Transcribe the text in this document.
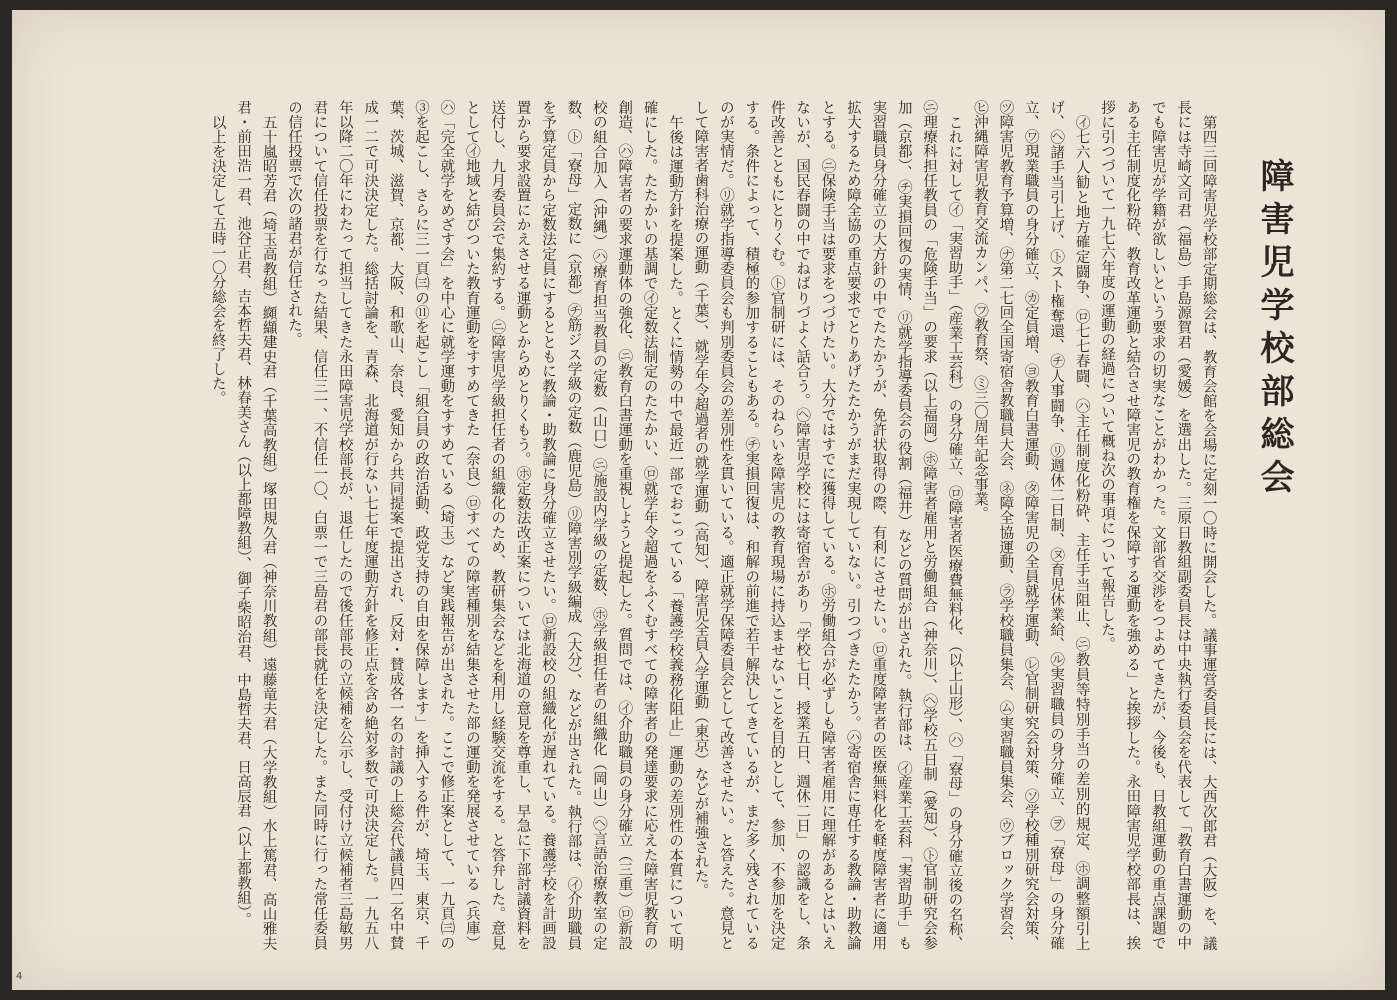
障害児学校部総会

第四三回障害児学校部定期総会は、教育会館を会場に定刻一〇時に開会した。議事運営委員長には、大西次郎君（大阪）を、議長には寺崎文司君（福島）手島源賀君（愛媛）を選出した。三原日教組副委員長は中央執行委員会を代表して「教育白書運動の中でも障害児が学籍が欲しいという要求の切実なことがわかった。文部省交渉をつよめてきたが、今後も、日教組運動の重点課題である主任制度化粉砕、教育改革運動と結合させ障害児の教育権を保障する運動を強める」と挨拶した。永田障害児学校部長は、挨拶に引つづいて一九七六年度の運動の経過について概ね次の事項について報告した。

㋑七六人勧と地方確定闘争、㋺七七春闘、㋩主任制度化粉砕、主任手当阻止、㋥教員等特別手当の差別的規定、㋭調整額引上げ、㋬諸手当引上げ、㋣スト権奪還、㋠人事闘争、㋷週休二日制、㋦育児休業給、㋸実習職員の身分確立、㋾「寮母」の身分確立、㋻現業職員の身分確立、㋕定員増、㋵教育白書運動、㋟障害児の全員就学運動、㋹官制研究会対策、㋞学校種別研究会対策、㋡障害児教育予算増、㋤第二七回全国寄宿舎教職員大会、㋧障全協運動、㋶学校職員集会、㋰実習職員集会、㋒ブロック学習会、㋪沖縄障害児教育交流カンパ、㋫教育祭、㋯三〇周年記念事業。

これに対して㋑「実習助手」（産業工芸科）の身分確立、㋺障害者医療費無料化、（以上山形）、㋩「寮母」の身分確立後の名称、㋥理療科担任教員の「危険手当」の要求（以上福岡）㋭障害者雇用と労働組合（神奈川）、㋬学校五日制（愛知）、㋣官制研究会参加（京都）、㋠実損回復の実情、㋷就学指導委員会の役割（福井）などの質問が出された。執行部は、㋑産業工芸科「実習助手」も実習職員身分確立の大方針の中でたたかうが、免許状取得の際、有利にさせたい。㋺重度障害者の医療無料化を軽度障害者に適用拡大するため障全協の重点要求でとりあげたたかうがまだ実現していない。引つづきたたかう。㋩寄宿舎に専任する教論・助教論とする。㋥保険手当は要求をつづけたい。大分ではすでに獲得している。㋭労働組合が必ずしも障害者雇用に理解があるとはいえないが、国民春闘の中でねばりづよく話合う。㋬障害児学校には寄宿舎があり「学校七日、授業五日、週休二日」の認識をし、条件改善とともにとりくむ。㋣官制研には、そのねらいを障害児の教育現場に持込ませないことを目的として、参加、不参加を決定する。条件によって、積極的参加することもある。㋠実損回復は、和解の前進で若干解決してきているが、まだ多く残されているのが実情だ。㋷就学指導委員会も判別委員会の差別性を貫いている。適正就学保障委員会として改善させたい。と答えた。意見として障害者歯科治療の運動（千葉）、就学年令超過者の就学運動（高知）、障害児全員入学運動（東京）などが補強された。

午後は運動方針を提案した。とくに情勢の中で最近一部でおこっている「養護学校義務化阻止」運動の差別性の本質について明確にした。たたかいの基調で㋑定数法制定のたたかい、㋺就学年令超過をふくむすべての障害者の発達要求に応えた障害児教育の創造、㋩障害者の要求運動体の強化、㋥教育白書運動を重視しようと提起した。質問では、㋑介助職員の身分確立（三重）㋺新設校の組合加入（沖縄）㋩療育担当教員の定数（山口）㋥施設内学級の定数、㋭学級担任者の組織化（岡山）㋬言語治療教室の定数、㋣「寮母」定数に（京都）㋠筋ジス学級の定数（鹿児島）㋷障害別学級編成（大分）、などが出された。執行部は、㋑介助職員を予算定員から定数法定員にするとともに教論・助教論に身分確立させたい。㋺新設校の組織化が遅れている。養護学校を計画設置から要求設置にかえさせる運動とからめとりくもう。㋭定数法改正案については北海道の意見を尊重し、早急に下部討議資料を送付し、九月委員会で集約する。㋥障害児学級担任者の組織化のため、教研集会などを利用し経験交流をする。と答弁した。意見として㋑地域と結びついた教育運動をすすめてきた（奈良）㋺すべての障害種別を結集させた部の運動を発展させている（兵庫）㋩「完全就学をめざす会」を中心に就学運動をすすめている（埼玉）など実践報告が出された。ここで修正案として、一九頁㈢の③を起こし、さらに三一頁㈢の⑪を起こし「組合員の政治活動、政党支持の自由を保障します」を挿入する件が、埼玉、東京、千葉、茨城、滋賀、京都、大阪、和歌山、奈良、愛知から共同提案で提出され、反対・賛成各一名の討議の上総会代議員四二名中賛成一二で可決決定した。総括討論を、青森、北海道が行ない七七年度運動方針を修正点を含め絶対多数で可決決定した。一九五八年以降二〇年にわたって担当してきた永田障害児学校部長が、退任したので後任部長の立候補を公示し、受付け立候補者三島敏男君について信任投票を行なった結果、信任三一、不信任一〇、白票一で三島君の部長就任を決定した。また同時に行った常任委員の信任投票で次の諸君が信任された。

五十嵐昭芳君（埼玉高教組）纐纈建史君（千葉高教組）塚田規久君（神奈川教組）遠藤竜夫君（大学教組）水上篤君、高山雅夫君・前田浩一君、池谷正君、吉本哲夫君、林春美さん（以上都障教組）、御子柴昭治君、中島哲夫君、日高辰君（以上都教組）。

以上を決定して五時一〇分総会を終了した。

4
